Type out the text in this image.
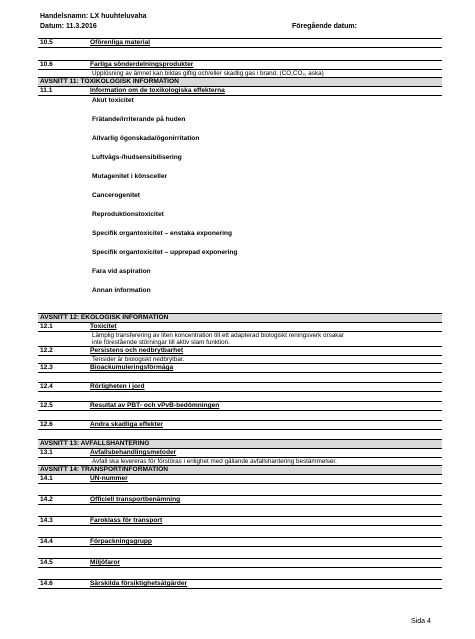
Handelsnamn: LX huuhteluvaha
Datum: 11.3.2016	Föregående datum:
10.5	Oförenliga material
10.6	Farliga sönderdelningsprodukter
Upplösning av ämnet kan bildas giftig och/eller skadlig gas i brand. (CO,CO₂, aska)
AVSNITT 11: TOXIKOLOGISK INFORMATION
11.1	Information om de toxikologiska effekterna
Akut toxicitet
Frätande/irriterande på huden
Allvarlig ögonskada/ögonirritation
Luftvägs-/hudsensibilisering
Mutagenitet i könsceller
Cancerogenitet
Reproduktionstoxicitet
Specifik organtoxicitet – enstaka exponering
Specifik organtoxicitet – upprepad exponering
Fara vid aspiration
Annan information
AVSNITT 12: EKOLOGISK INFORMATION
12.1	Toxicitet
Lämplig transferering av liten koncentration till ett adapterad biologiskt reningsverk orsakar
inte förestående störningar till aktiv slam funktion.
12.2	Persistens och nedbrytbarhet
Tensider är biologiskt nedbrytbar.
12.3	Bioackumuleringsförmåga
12.4	Rörligheten i jord
12.5	Resultat av PBT- och vPvB-bedömningen
12.6	Andra skadliga effekter
AVSNITT 13: AVFALLSHANTERING
13.1	Avfallsbehandlingsmetoder
Avfall ska levereras för förstöras i enlighet med gällande avfallshantering bestämmelser.
AVSNITT 14: TRANSPORTINFORMATION
14.1	UN-nummer
14.2	Officiell transportbenämning
14.3	Faroklass för transport
14.4	Förpackningsgrupp
14.5	Miljöfaror
14.6	Särskilda försiktighetsåtgärder
Sida 4
